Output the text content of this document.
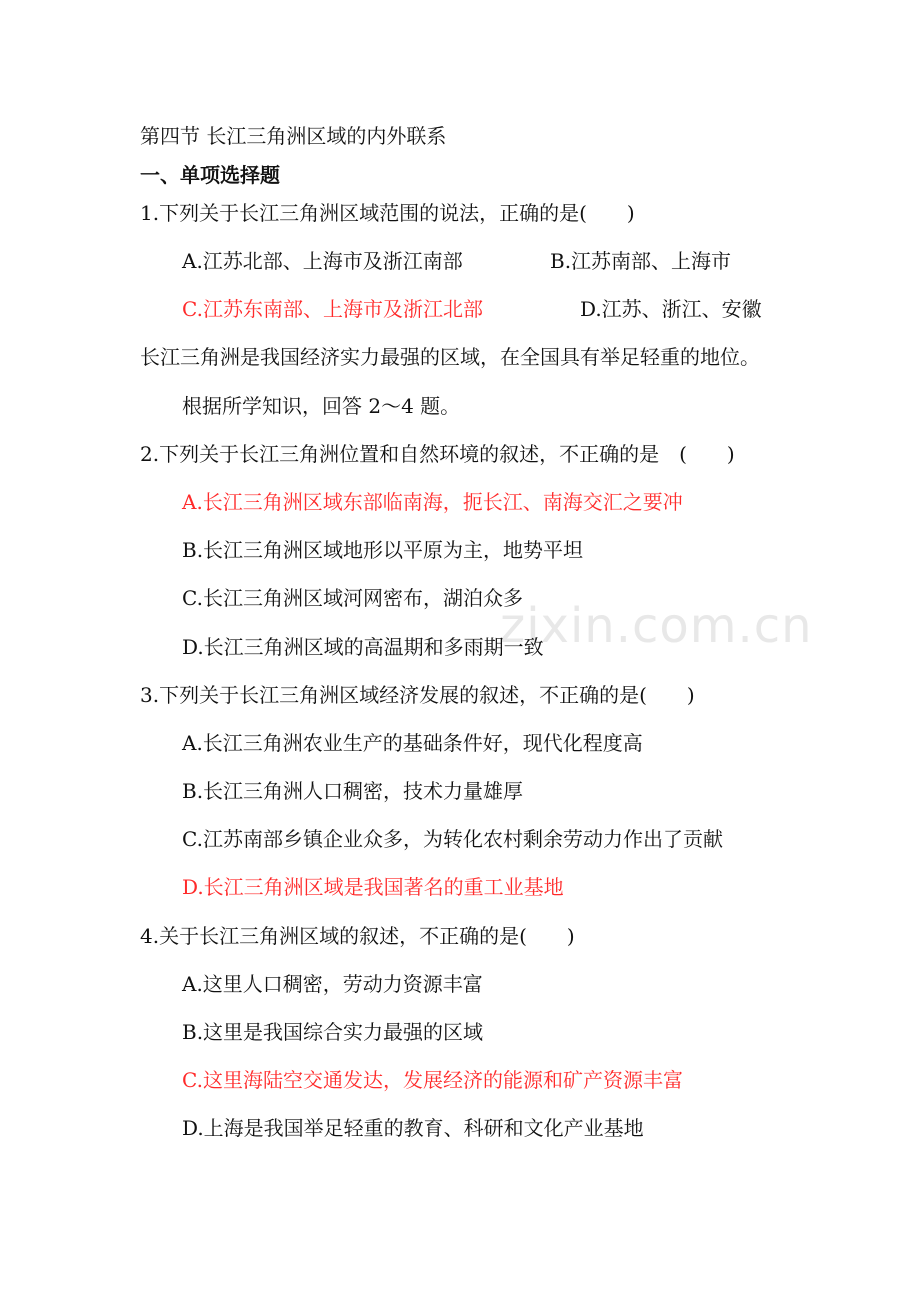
zixin.com.cn
第四节 长江三角洲区域的内外联系
一、单项选择题
1.下列关于长江三角洲区域范围的说法，正确的是(　　)
A.江苏北部、上海市及浙江南部	B.江苏南部、上海市
C.江苏东南部、上海市及浙江北部	D.江苏、浙江、安徽
长江三角洲是我国经济实力最强的区域，在全国具有举足轻重的地位。
根据所学知识，回答 2～4 题。
2.下列关于长江三角洲位置和自然环境的叙述，不正确的是　(　　)
A.长江三角洲区域东部临南海，扼长江、南海交汇之要冲
B.长江三角洲区域地形以平原为主，地势平坦
C.长江三角洲区域河网密布，湖泊众多
D.长江三角洲区域的高温期和多雨期一致
3.下列关于长江三角洲区域经济发展的叙述，不正确的是(　　)
A.长江三角洲农业生产的基础条件好，现代化程度高
B.长江三角洲人口稠密，技术力量雄厚
C.江苏南部乡镇企业众多，为转化农村剩余劳动力作出了贡献
D.长江三角洲区域是我国著名的重工业基地
4.关于长江三角洲区域的叙述，不正确的是(　　)
A.这里人口稠密，劳动力资源丰富
B.这里是我国综合实力最强的区域
C.这里海陆空交通发达，发展经济的能源和矿产资源丰富
D.上海是我国举足轻重的教育、科研和文化产业基地
